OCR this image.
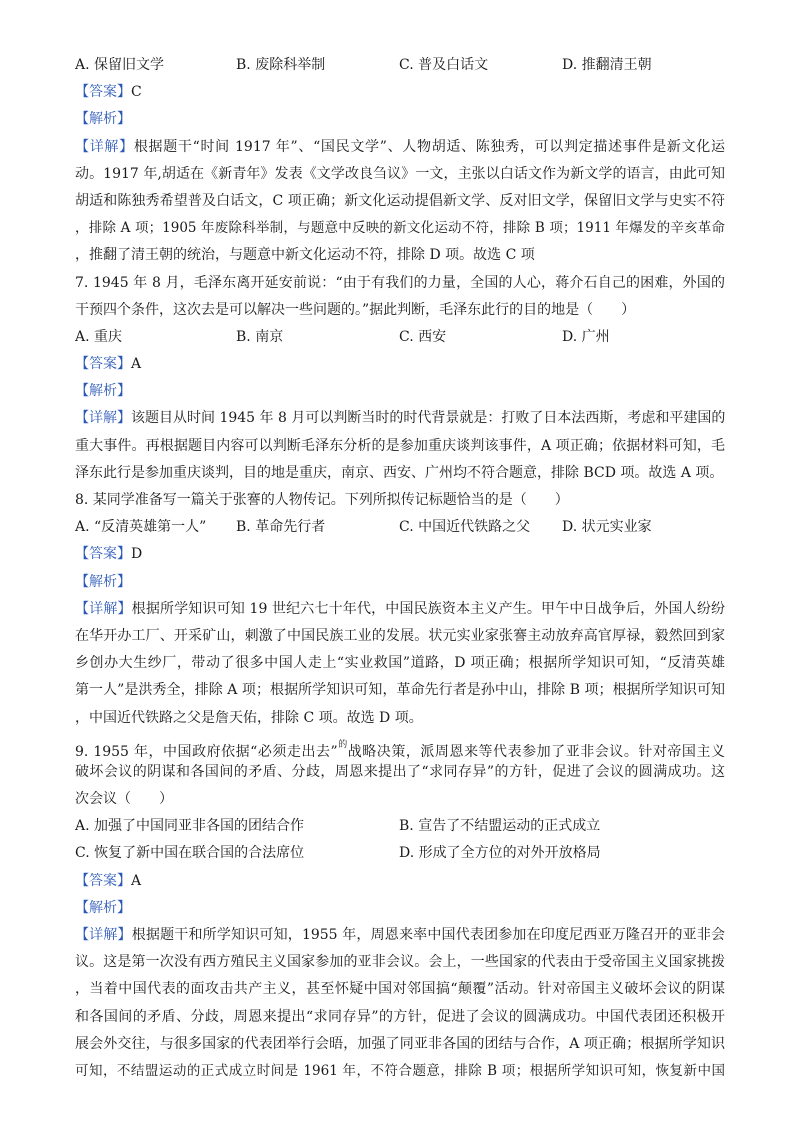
A. 保留旧文学	B. 废除科举制	C. 普及白话文	D. 推翻清王朝
【答案】C
【解析】
【详解】根据题干“时间 1917 年”、“国民文学”、人物胡适、陈独秀，可以判定描述事件是新文化运
动。1917 年,胡适在《新青年》发表《文学改良刍议》一文，主张以白话文作为新文学的语言，由此可知
胡适和陈独秀希望普及白话文，C 项正确；新文化运动提倡新文学、反对旧文学，保留旧文学与史实不符
，排除 A 项；1905 年废除科举制，与题意中反映的新文化运动不符，排除 B 项；1911 年爆发的辛亥革命
，推翻了清王朝的统治，与题意中新文化运动不符，排除 D 项。故选 C 项
7. 1945 年 8 月，毛泽东离开延安前说：“由于有我们的力量，全国的人心，蒋介石自己的困难，外国的
干预四个条件，这次去是可以解决一些问题的。”据此判断，毛泽东此行的目的地是（　　）
A. 重庆	B. 南京	C. 西安	D. 广州
【答案】A
【解析】
【详解】该题目从时间 1945 年 8 月可以判断当时的时代背景就是：打败了日本法西斯，考虑和平建国的
重大事件。再根据题目内容可以判断毛泽东分析的是参加重庆谈判该事件，A 项正确；依据材料可知，毛
泽东此行是参加重庆谈判，目的地是重庆，南京、西安、广州均不符合题意，排除 BCD 项。故选 A 项。
8. 某同学准备写一篇关于张謇的人物传记。下列所拟传记标题恰当的是（　　）
A. “反清英雄第一人” B. 革命先行者	C. 中国近代铁路之父 D. 状元实业家
【答案】D
【解析】
【详解】根据所学知识可知 19 世纪六七十年代，中国民族资本主义产生。甲午中日战争后，外国人纷纷
在华开办工厂、开采矿山，刺激了中国民族工业的发展。状元实业家张謇主动放弃高官厚禄，毅然回到家
乡创办大生纱厂，带动了很多中国人走上“实业救国”道路，D 项正确；根据所学知识可知，“反清英雄
第一人”是洪秀全，排除 A 项；根据所学知识可知，革命先行者是孙中山，排除 B 项；根据所学知识可知
，中国近代铁路之父是詹天佑，排除 C 项。故选 D 项。
9. 1955 年，中国政府依据“必须走出去”$^的$战略决策，派周恩来等代表参加了亚非会议。针对帝国主义
破坏会议的阴谋和各国间的矛盾、分歧，周恩来提出了“求同存异”的方针，促进了会议的圆满成功。这
次会议（　　）
A. 加强了中国同亚非各国的团结合作	B. 宣告了不结盟运动的正式成立
C. 恢复了新中国在联合国的合法席位	D. 形成了全方位的对外开放格局
【答案】A
【解析】
【详解】根据题干和所学知识可知，1955 年，周恩来率中国代表团参加在印度尼西亚万隆召开的亚非会
议。这是第一次没有西方殖民主义国家参加的亚非会议。会上，一些国家的代表由于受帝国主义国家挑拨
，当着中国代表的面攻击共产主义，甚至怀疑中国对邻国搞“颠覆”活动。针对帝国主义破坏会议的阴谋
和各国间的矛盾、分歧，周恩来提出“求同存异”的方针，促进了会议的圆满成功。中国代表团还积极开
展会外交往，与很多国家的代表团举行会晤，加强了同亚非各国的团结与合作，A 项正确；根据所学知识
可知，不结盟运动的正式成立时间是 1961 年，不符合题意，排除 B 项；根据所学知识可知，恢复新中国
